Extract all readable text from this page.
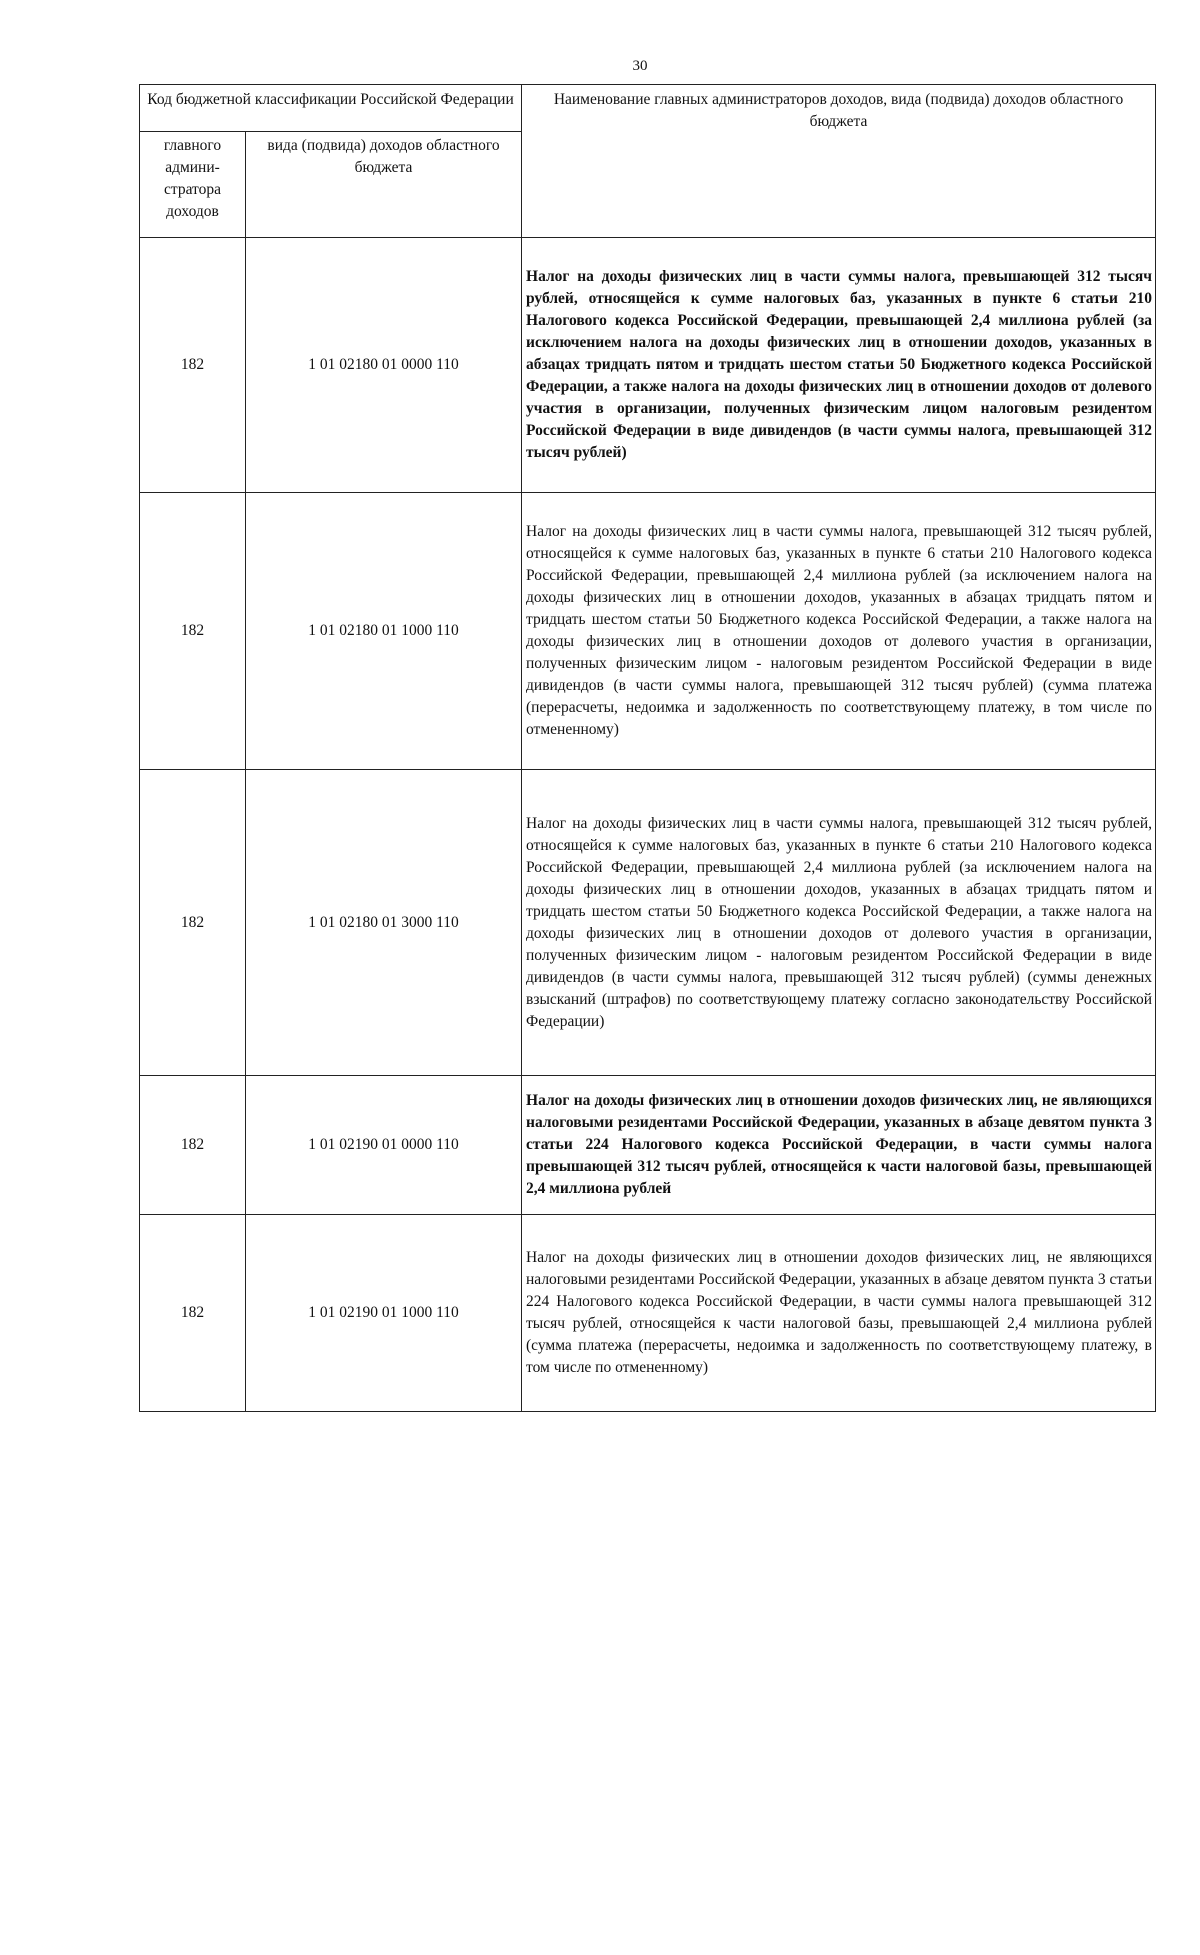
30
Код бюджетной классификации Российской Федерации		Наименование главных администраторов доходов, вида (подвида) доходов областного бюджета
главного админи-стратора доходов	вида (подвида) доходов областного бюджета	
182	1 01 02180 01 0000 110	Налог на доходы физических лиц в части суммы налога, превышающей 312 тысяч рублей, относящейся к сумме налоговых баз, указанных в пункте 6 статьи 210 Налогового кодекса Российской Федерации, превышающей 2,4 миллиона рублей (за исключением налога на доходы физических лиц в отношении доходов, указанных в абзацах тридцать пятом и тридцать шестом статьи 50 Бюджетного кодекса Российской Федерации, а также налога на доходы физических лиц в отношении доходов от долевого участия в организации, полученных физическим лицом налоговым резидентом Российской Федерации в виде дивидендов (в части суммы налога, превышающей 312 тысяч рублей)
182	1 01 02180 01 1000 110	Налог на доходы физических лиц в части суммы налога, превышающей 312 тысяч рублей, относящейся к сумме налоговых баз, указанных в пункте 6 статьи 210 Налогового кодекса Российской Федерации, превышающей 2,4 миллиона рублей (за исключением налога на доходы физических лиц в отношении доходов, указанных в абзацах тридцать пятом и тридцать шестом статьи 50 Бюджетного кодекса Российской Федерации, а также налога на доходы физических лиц в отношении доходов от долевого участия в организации, полученных физическим лицом - налоговым резидентом Российской Федерации в виде дивидендов (в части суммы налога, превышающей 312 тысяч рублей) (сумма платежа (перерасчеты, недоимка и задолженность по соответствующему платежу, в том числе по отмененному)
182	1 01 02180 01 3000 110	Налог на доходы физических лиц в части суммы налога, превышающей 312 тысяч рублей, относящейся к сумме налоговых баз, указанных в пункте 6 статьи 210 Налогового кодекса Российской Федерации, превышающей 2,4 миллиона рублей (за исключением налога на доходы физических лиц в отношении доходов, указанных в абзацах тридцать пятом и тридцать шестом статьи 50 Бюджетного кодекса Российской Федерации, а также налога на доходы физических лиц в отношении доходов от долевого участия в организации, полученных физическим лицом - налоговым резидентом Российской Федерации в виде дивидендов (в части суммы налога, превышающей 312 тысяч рублей) (суммы денежных взысканий (штрафов) по соответствующему платежу согласно законодательству Российской Федерации)
182	1 01 02190 01 0000 110	Налог на доходы физических лиц в отношении доходов физических лиц, не являющихся налоговыми резидентами Российской Федерации, указанных в абзаце девятом пункта 3 статьи 224 Налогового кодекса Российской Федерации, в части суммы налога превышающей 312 тысяч рублей, относящейся к части налоговой базы, превышающей 2,4 миллиона рублей
182	1 01 02190 01 1000 110	Налог на доходы физических лиц в отношении доходов физических лиц, не являющихся налоговыми резидентами Российской Федерации, указанных в абзаце девятом пункта 3 статьи 224 Налогового кодекса Российской Федерации, в части суммы налога превышающей 312 тысяч рублей, относящейся к части налоговой базы, превышающей 2,4 миллиона рублей (сумма платежа (перерасчеты, недоимка и задолженность по соответствующему платежу, в том числе по отмененному)
